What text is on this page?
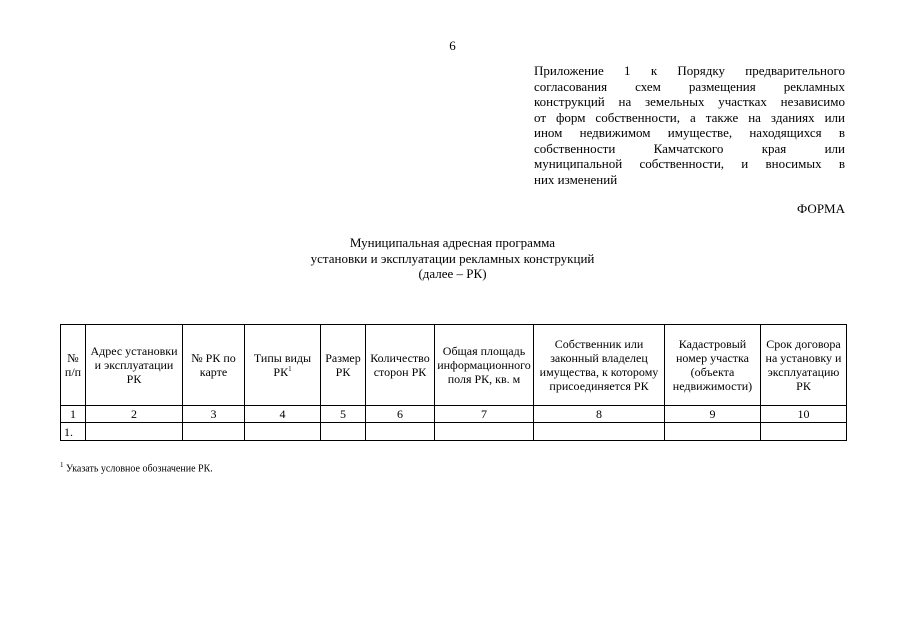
6
Приложение 1 к Порядку предварительного
согласования схем размещения рекламных
конструкций на земельных участках независимо
от форм собственности, а также на зданиях или
ином недвижимом имуществе, находящихся в
собственности Камчатского края или
муниципальной собственности, и вносимых в
них изменений
ФОРМА
Муниципальная адресная программа
установки и эксплуатации рекламных конструкций
(далее – РК)
№ п/п	Адрес установки и эксплуатации РК	№ РК по карте	Типы виды РК$^1$	Размер РК	Количество сторон РК	Общая площадь информационного поля РК, кв. м	Собственник или законный владелец имущества, к которому присоединяется РК	Кадастровый номер участка (объекта недвижимости)	Срок договора на установку и эксплуатацию РК
1	2	3	4	5	6	7	8	9	10
1.									
$^1$ Указать условное обозначение РК.
